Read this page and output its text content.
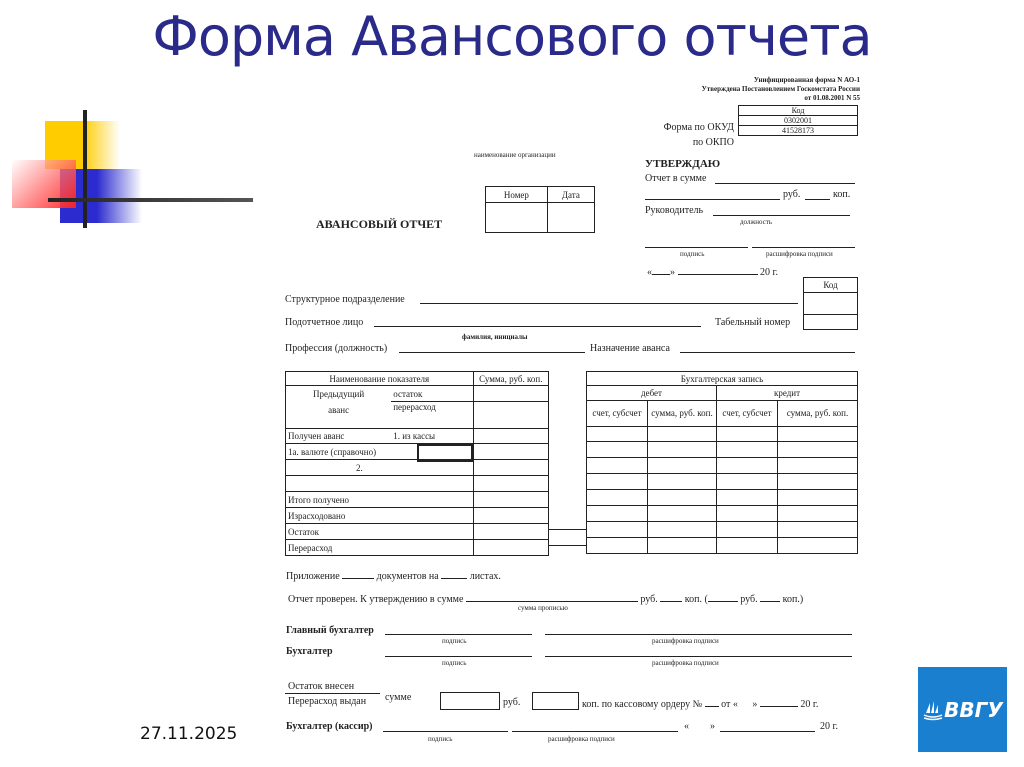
Форма Авансового отчета
Унифицированная форма N АО-1
Утверждена Постановлением Госкомстата России
от 01.08.2001 N 55
Код
0302001
41528173
Форма по ОКУД
по ОКПО
наименование организации
АВАНСОВЫЙ ОТЧЕТ
Номер	Дата

УТВЕРЖДАЮ
Отчет в сумме
руб.	коп.
Руководитель
должность
подпись	расшифровка подписи
« »	20 г.
Код

Структурное подразделение
Подотчетное лицо	Табельный номер
фамилия, инициалы
Профессия (должность)	Назначение аванса
Наименование показателя		Сумма, руб. коп.

Предыдущий
аванс	остаток	
	перерасход	
Получен аванс	1. из кассы	
1а. валюте (справочно)	

2.		

Итого получено		
Израсходовано		
Остаток		
Перерасход		
Бухгалтерская запись			
дебет		кредит	
счет, субсчет	сумма, руб. коп.	счет, субсчет	сумма, руб. коп.

Приложение	документов на	листах.
Отчет проверен. К утверждению в сумме	руб.	коп. (	руб.	коп.)
сумма прописью
Главный бухгалтер
подпись	расшифровка подписи
Бухгалтер
подпись	расшифровка подписи
Остаток внесен
Перерасход выдан сумме	руб.	коп. по кассовому ордеру № от « »	20 г.
Бухгалтер (кассир)	« »	20 г.
подпись	расшифровка подписи
27.11.2025
ВВГУ
